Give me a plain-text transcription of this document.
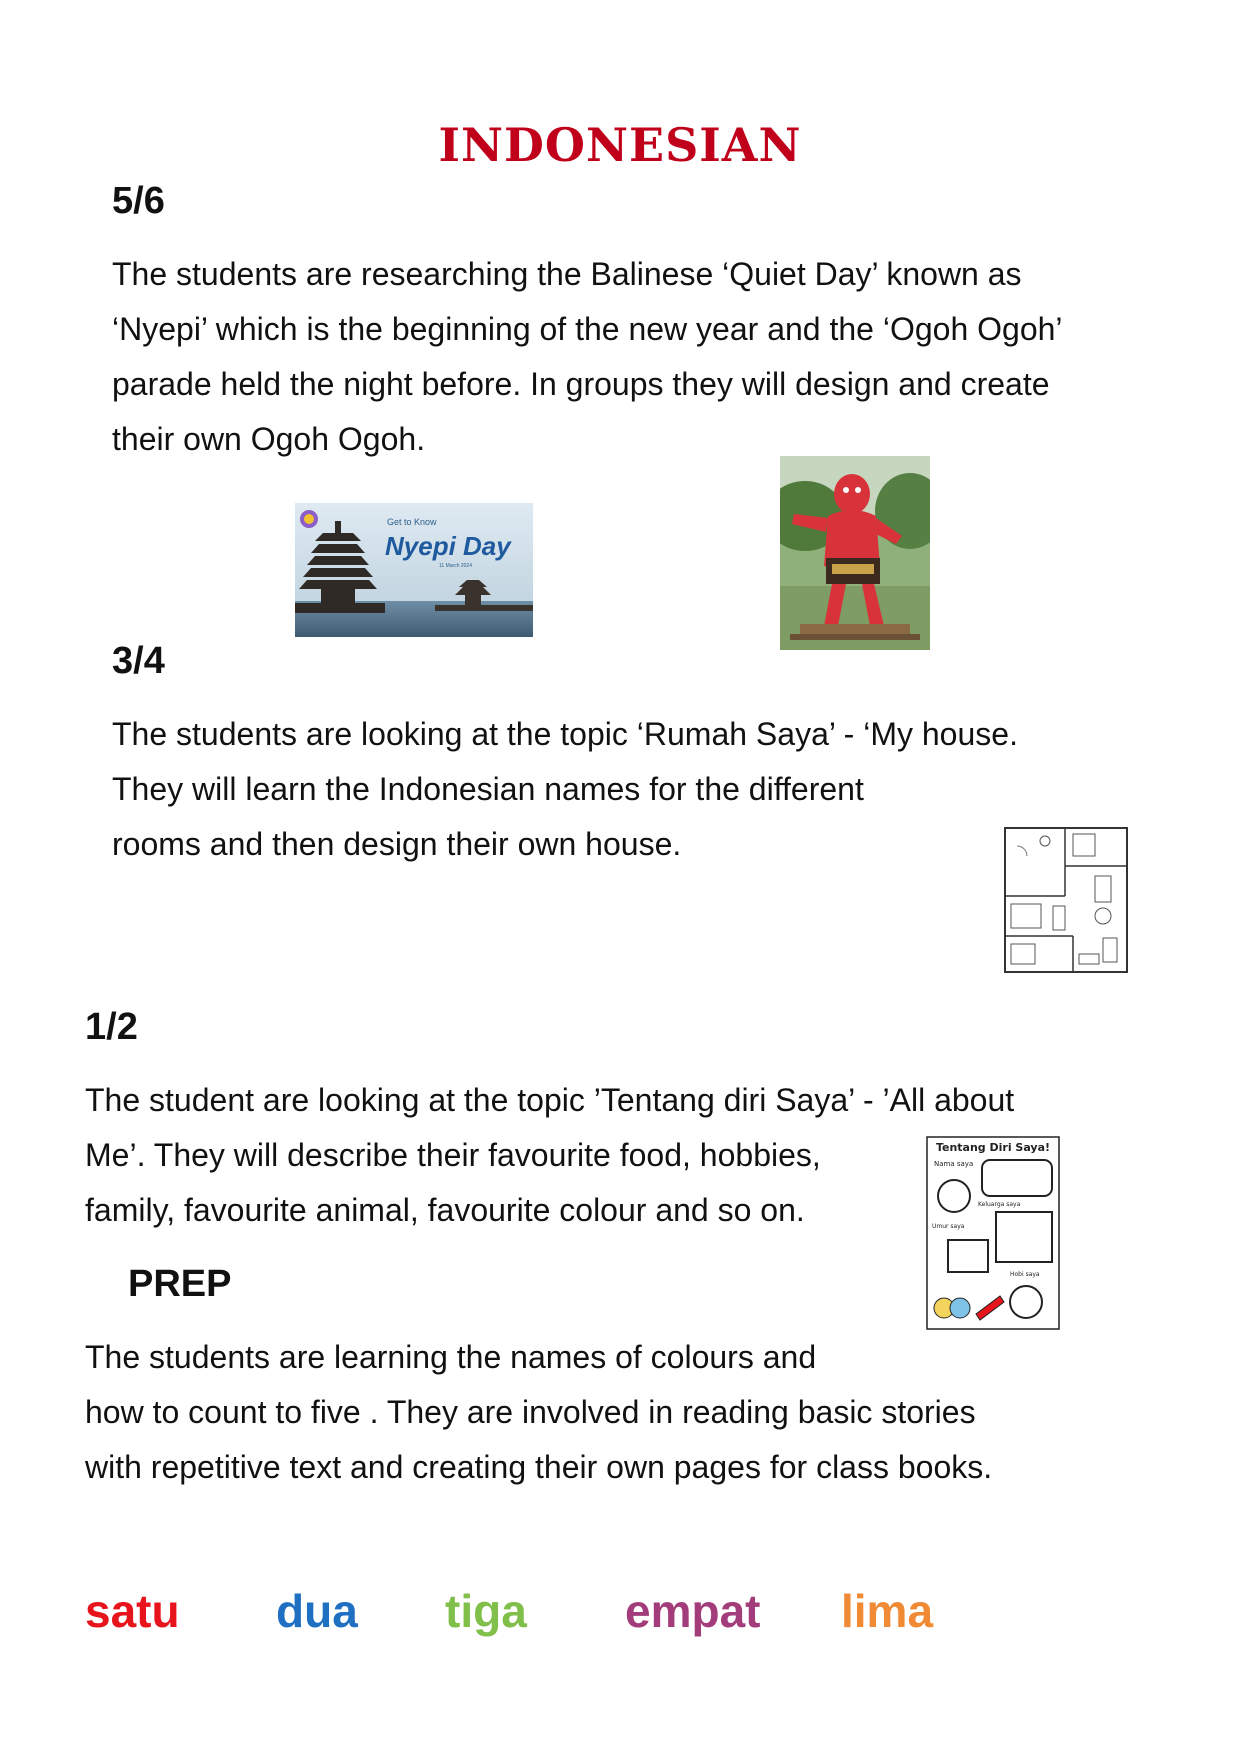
INDONESIAN
5/6
The students are researching the Balinese ‘Quiet Day’ known as
‘Nyepi’ which is the beginning of the new year and the ‘Ogoh Ogoh’
parade held the night before. In groups they will design and create
their own Ogoh Ogoh.
Get to Know
Nyepi Day
11 March 2024
3/4
The students are looking at the topic ‘Rumah Saya’ - ‘My house.
They will learn the Indonesian names for the different
rooms and then design their own house.
1/2
The student are looking at the topic ’Tentang diri Saya’ - ’All about
Me’. They will describe their favourite food, hobbies,
family, favourite animal, favourite colour and so on.
Tentang Diri Saya!
Nama saya
Keluarga saya
Umur saya
Hobi saya
PREP
The students are learning the names of colours and
how to count to five . They are involved in reading basic stories
with repetitive text and creating their own pages for class books.
satu dua tiga empat lima
